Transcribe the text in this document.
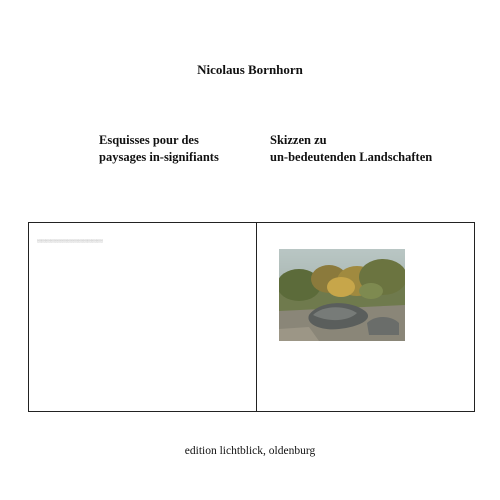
Nicolaus Bornhorn
Esquisses pour des
paysages in-signifiants
Skizzen zu
un-bedeutenden Landschaften
░░░░░░░░░░░░░░░░░░░░░░░░░░░░░░
edition lichtblick, oldenburg
